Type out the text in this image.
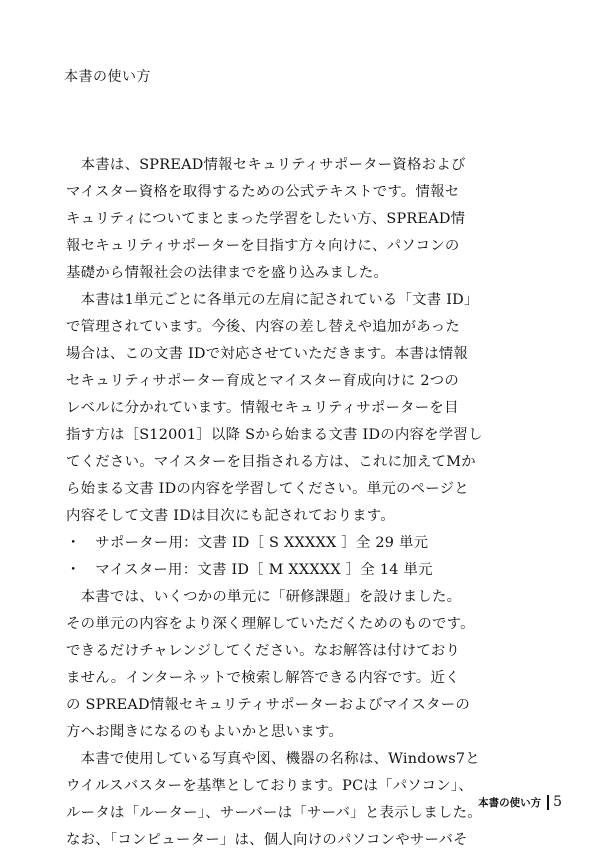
本書の使い方
　本書は、SPREAD情報セキュリティサポーター資格および
マイスター資格を取得するための公式テキストです。情報セ
キュリティについてまとまった学習をしたい方、SPREAD情
報セキュリティサポーターを目指す方々向けに、パソコンの
基礎から情報社会の法律までを盛り込みました。
　本書は1単元ごとに各単元の左肩に記されている「文書 ID」
で管理されています。今後、内容の差し替えや追加があった
場合は、この文書 IDで対応させていただきます。本書は情報
セキュリティサポーター育成とマイスター育成向けに 2つの
レベルに分かれています。情報セキュリティサポーターを目
指す方は［S12001］以降 Sから始まる文書 IDの内容を学習し
てください。マイスターを目指される方は、これに加えてMか
ら始まる文書 IDの内容を学習してください。単元のページと
内容そして文書 IDは目次にも記されております。
・　サポーター用：文書 ID［ S XXXXX ］全 29 単元
・　マイスター用：文書 ID［ M XXXXX ］全 14 単元
　本書では、いくつかの単元に「研修課題」を設けました。
その単元の内容をより深く理解していただくためのものです。
できるだけチャレンジしてください。なお解答は付けており
ません。インターネットで検索し解答できる内容です。近く
の SPREAD情報セキュリティサポーターおよびマイスターの
方へお聞きになるのもよいかと思います。
　本書で使用している写真や図、機器の名称は、Windows7と
ウイルスバスターを基準としております。PCは「パソコン」、
ルータは「ルーター」、サーバーは「サーバ」と表示しました。
なお、「コンピューター」は、個人向けのパソコンやサーバそ
本書の使い方 5
